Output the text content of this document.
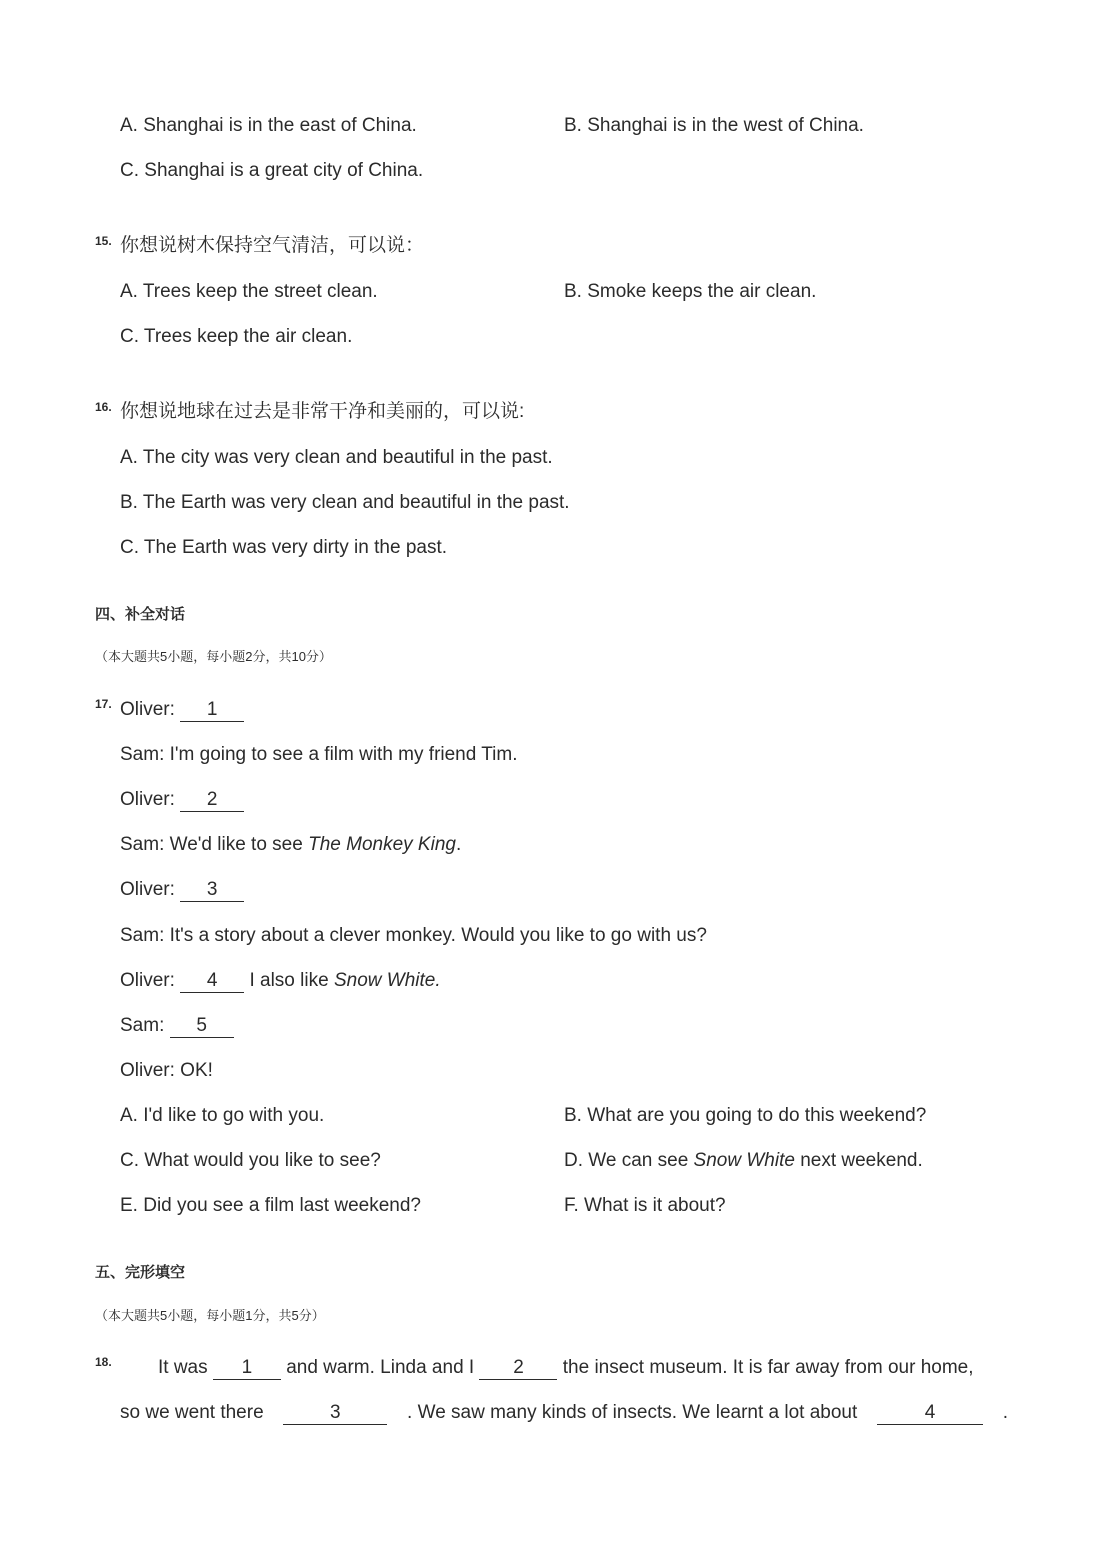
A. Shanghai is in the east of China.	B. Shanghai is in the west of China.
C. Shanghai is a great city of China.
15. 你想说树木保持空气清洁，可以说：
A. Trees keep the street clean.	B. Smoke keeps the air clean.
C. Trees keep the air clean.
16. 你想说地球在过去是非常干净和美丽的，可以说:
A. The city was very clean and beautiful in the past.
B. The Earth was very clean and beautiful in the past.
C. The Earth was very dirty in the past.
四、补全对话
（本大题共5小题，每小题2分，共10分）
17. Oliver: 1
Sam: I'm going to see a film with my friend Tim.
Oliver: 2
Sam: We'd like to see The Monkey King.
Oliver: 3
Sam: It's a story about a clever monkey. Would you like to go with us?
Oliver: 4 I also like Snow White.
Sam: 5
Oliver: OK!
A. I'd like to go with you.	B. What are you going to do this weekend?
C. What would you like to see?	D. We can see Snow White next weekend.
E. Did you see a film last weekend?	F. What is it about?
五、完形填空
（本大题共5小题，每小题1分，共5分）
18. It was 1 and warm. Linda and I 2 the insect museum. It is far away from our home,
so we went there	3	. We saw many kinds of insects. We learnt a lot about	4	.
